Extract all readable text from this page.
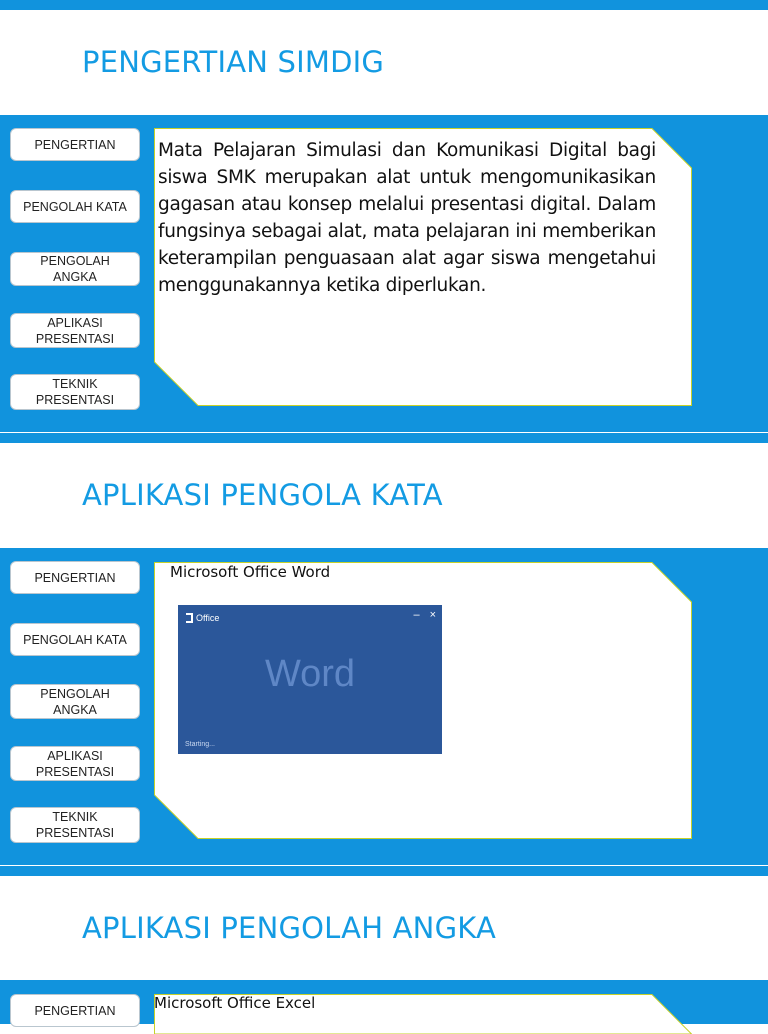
PENGERTIAN SIMDIG
PENGERTIAN
PENGOLAH KATA
PENGOLAH
ANGKA
APLIKASI
PRESENTASI
TEKNIK
PRESENTASI
Mata Pelajaran Simulasi dan Komunikasi Digital bagi siswa SMK merupakan alat untuk mengomunikasikan gagasan atau konsep melalui presentasi digital. Dalam fungsinya sebagai alat, mata pelajaran ini memberikan keterampilan penguasaan alat agar siswa mengetahui menggunakannya ketika diperlukan.
APLIKASI PENGOLA KATA
PENGERTIAN
PENGOLAH KATA
PENGOLAH
ANGKA
APLIKASI
PRESENTASI
TEKNIK
PRESENTASI
Microsoft Office Word
Office	– ×
Word
Starting...
APLIKASI PENGOLAH ANGKA
PENGERTIAN	Microsoft Office Excel
